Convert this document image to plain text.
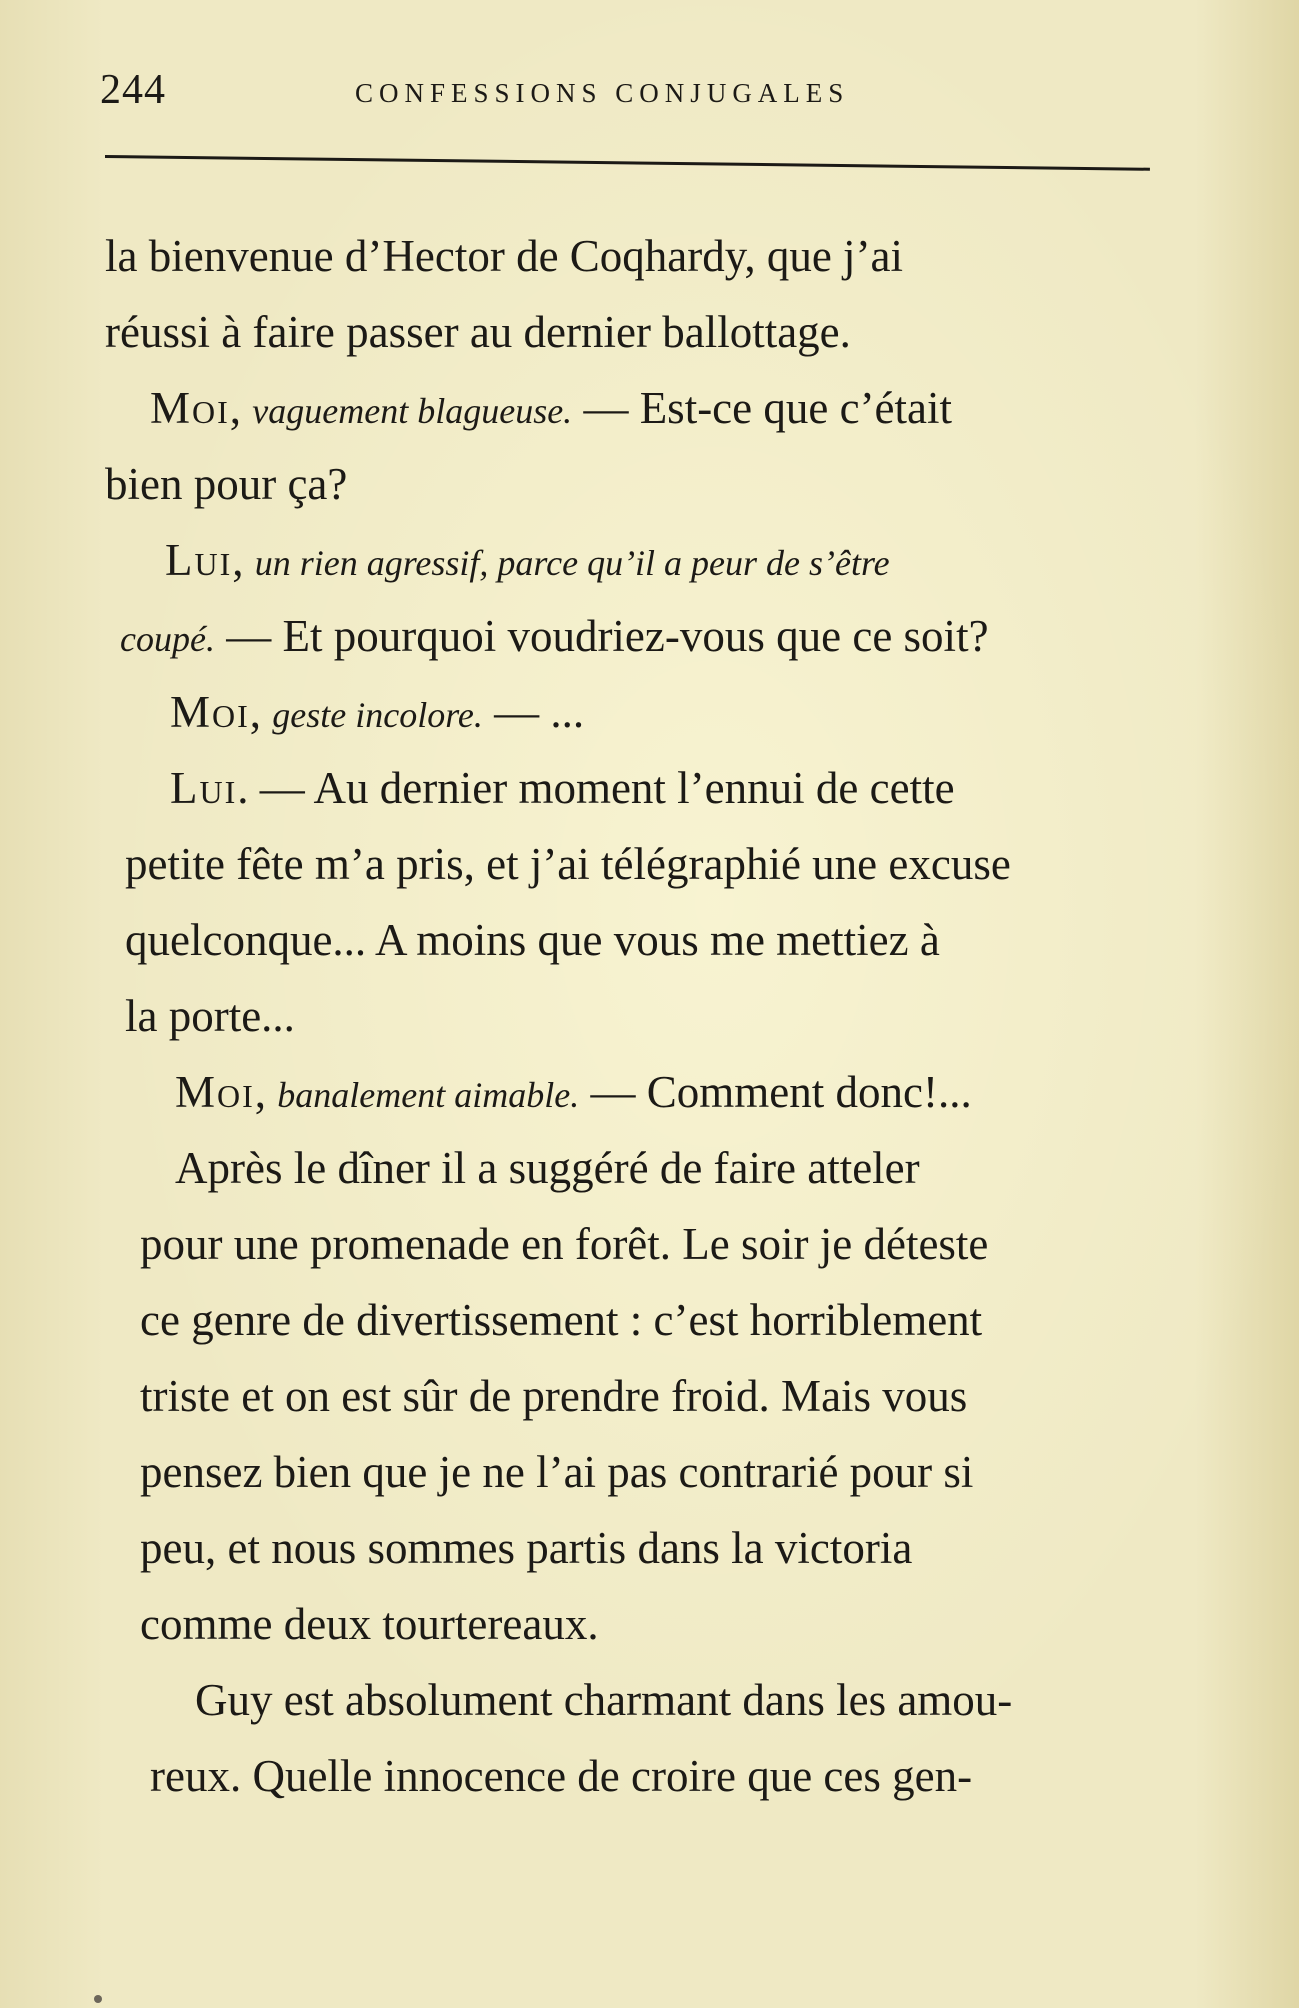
244	CONFESSIONS CONJUGALES
la bienvenue d’Hector de Coqhardy, que j’ai
réussi à faire passer au dernier ballottage.
Moi, vaguement blagueuse. — Est-ce que c’était
bien pour ça?
Lui, un rien agressif, parce qu’il a peur de s’être
coupé. — Et pourquoi voudriez-vous que ce soit?
Moi, geste incolore. — ...
Lui. — Au dernier moment l’ennui de cette
petite fête m’a pris, et j’ai télégraphié une excuse
quelconque... A moins que vous me mettiez à
la porte...
Moi, banalement aimable. — Comment donc!...
Après le dîner il a suggéré de faire atteler
pour une promenade en forêt. Le soir je déteste
ce genre de divertissement : c’est horriblement
triste et on est sûr de prendre froid. Mais vous
pensez bien que je ne l’ai pas contrarié pour si
peu, et nous sommes partis dans la victoria
comme deux tourtereaux.
Guy est absolument charmant dans les amou-
reux. Quelle innocence de croire que ces gen-
